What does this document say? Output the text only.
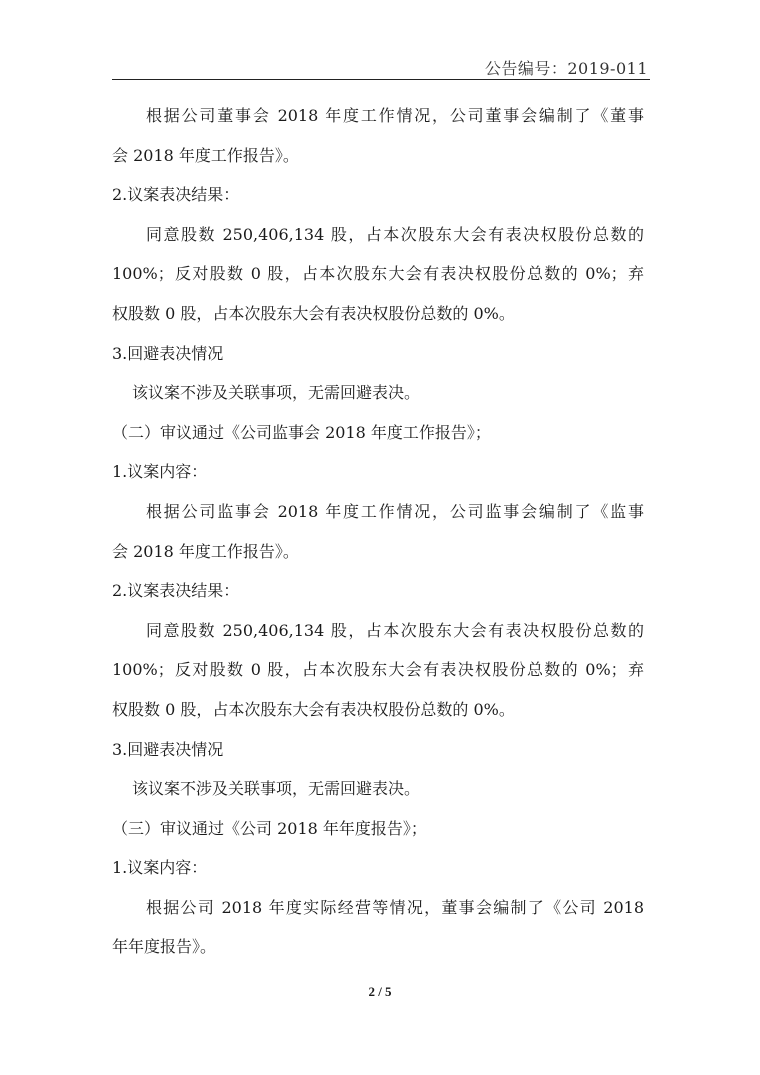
公告编号：2019-011
根据公司董事会 2018 年度工作情况，公司董事会编制了《董事
会 2018 年度工作报告》。
2.议案表决结果：
同意股数 250,406,134 股，占本次股东大会有表决权股份总数的
100%；反对股数 0 股，占本次股东大会有表决权股份总数的 0%；弃
权股数 0 股，占本次股东大会有表决权股份总数的 0%。
3.回避表决情况
该议案不涉及关联事项，无需回避表决。
（二）审议通过《公司监事会 2018 年度工作报告》；
1.议案内容：
根据公司监事会 2018 年度工作情况，公司监事会编制了《监事
会 2018 年度工作报告》。
2.议案表决结果：
同意股数 250,406,134 股，占本次股东大会有表决权股份总数的
100%；反对股数 0 股，占本次股东大会有表决权股份总数的 0%；弃
权股数 0 股，占本次股东大会有表决权股份总数的 0%。
3.回避表决情况
该议案不涉及关联事项，无需回避表决。
（三）审议通过《公司 2018 年年度报告》；
1.议案内容：
根据公司 2018 年度实际经营等情况，董事会编制了《公司 2018
年年度报告》。
2 / 5
